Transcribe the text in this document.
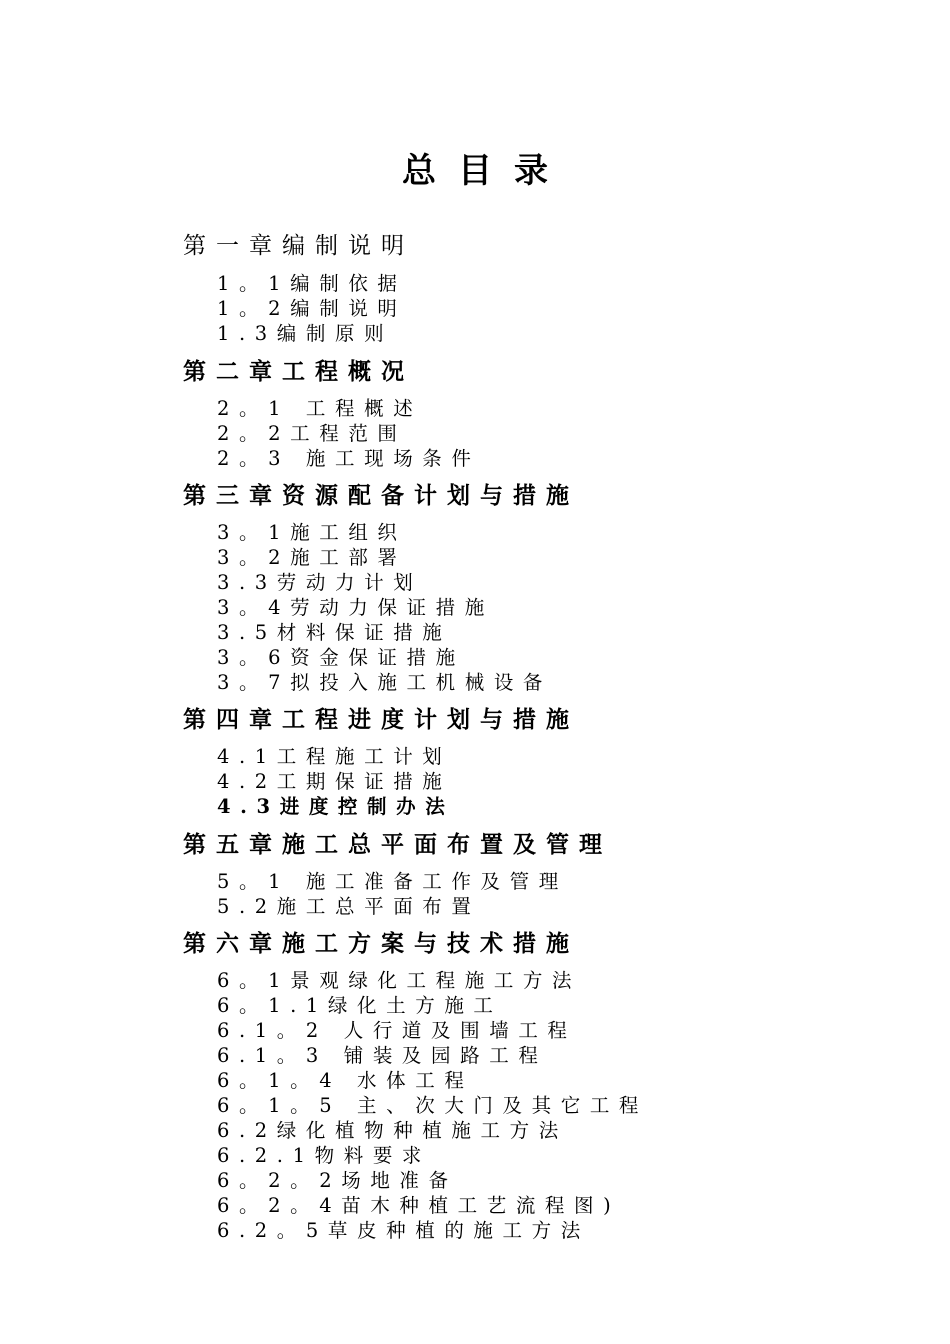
总目录
第一章编制说明
1。1编制依据
1。2编制说明
1.3编制原则
第二章工程概况
2。1 工程概述
2。2工程范围
2。3 施工现场条件
第三章资源配备计划与措施
3。1施工组织
3。2施工部署
3.3劳动力计划
3。4劳动力保证措施
3.5材料保证措施
3。6资金保证措施
3。7拟投入施工机械设备
第四章工程进度计划与措施
4.1工程施工计划
4.2工期保证措施
4.3进度控制办法
第五章施工总平面布置及管理
5。1 施工准备工作及管理
5.2施工总平面布置
第六章施工方案与技术措施
6。1景观绿化工程施工方法
6。1.1绿化土方施工
6.1。2 人行道及围墙工程
6.1。3 铺装及园路工程
6。1。4 水体工程
6。1。5 主、次大门及其它工程
6.2绿化植物种植施工方法
6.2.1物料要求
6。2。2场地准备
6。2。4苗木种植工艺流程图)
6.2。5草皮种植的施工方法
